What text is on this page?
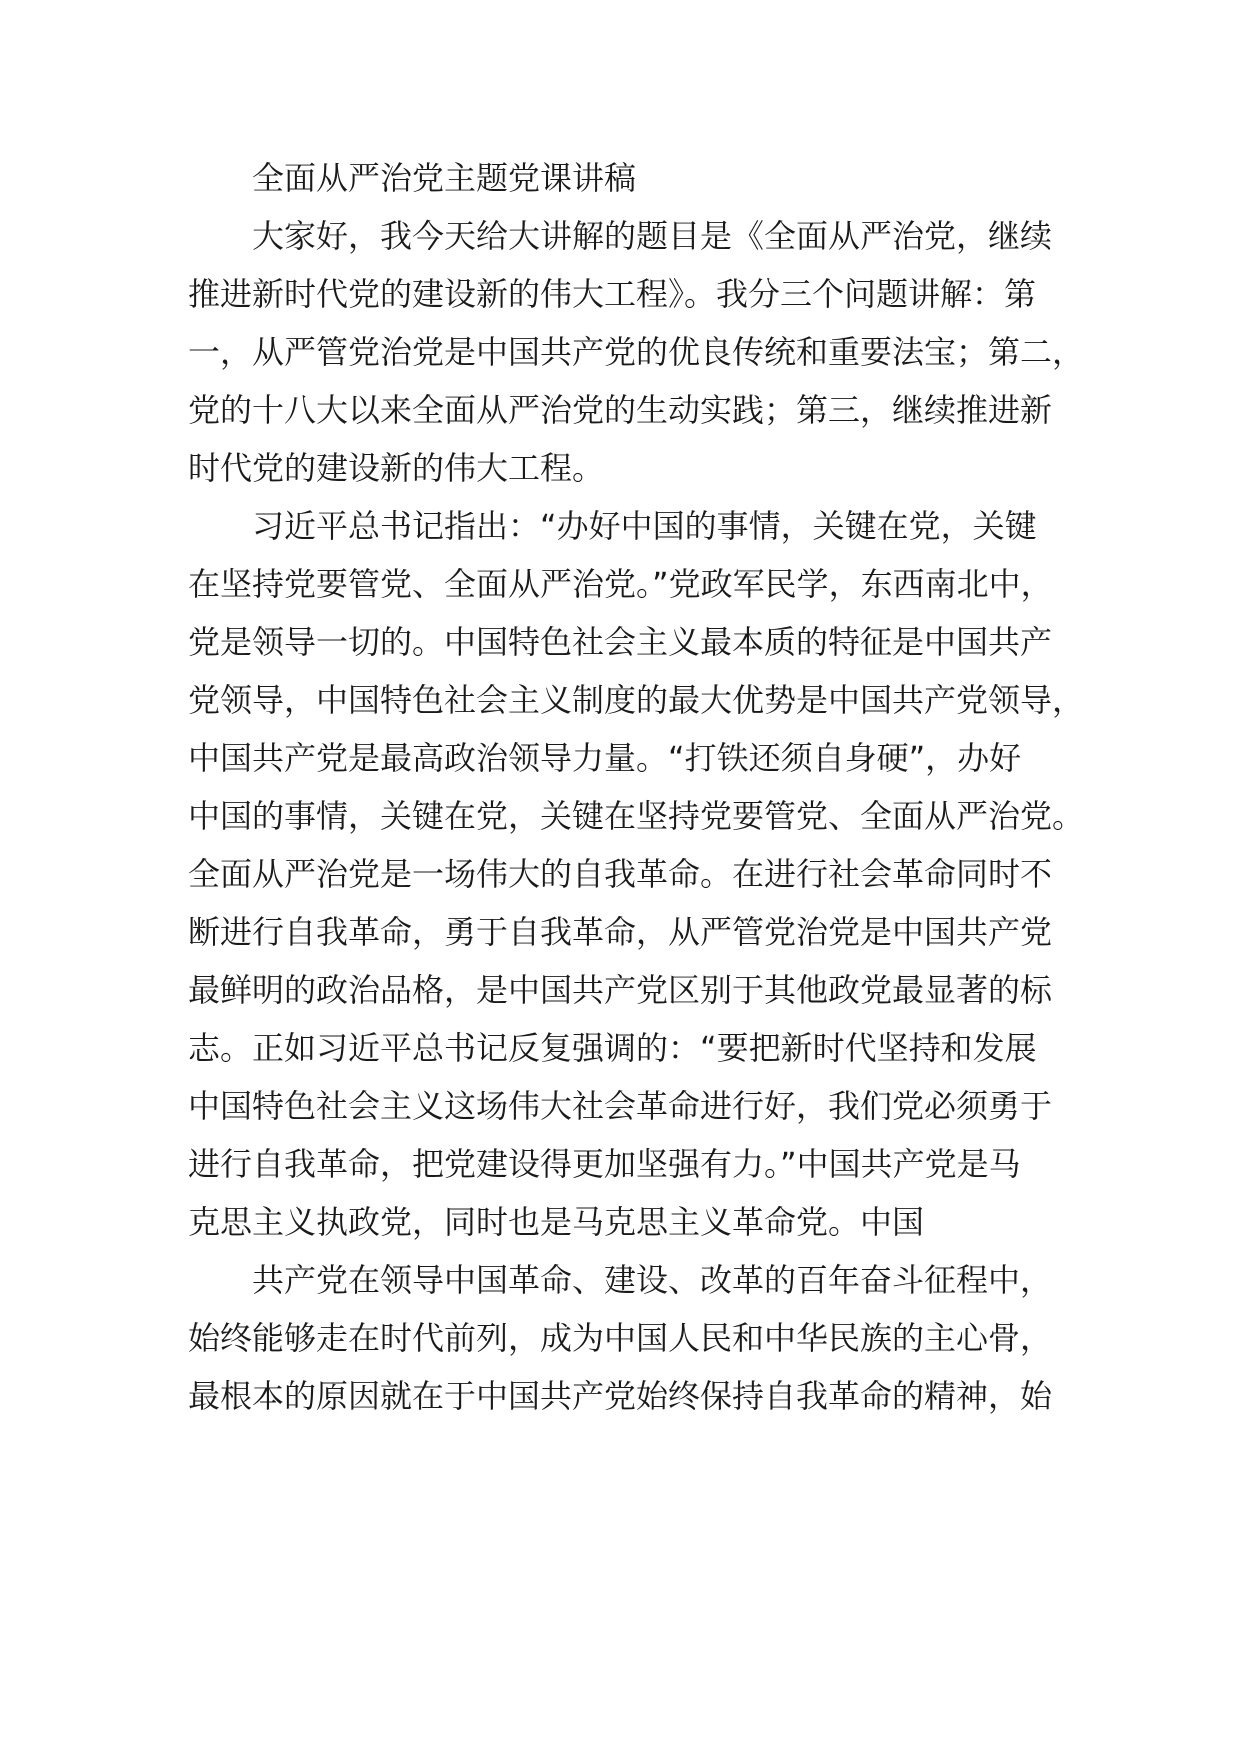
全面从严治党主题党课讲稿
大家好，我今天给大讲解的题目是《全面从严治党，继续
推进新时代党的建设新的伟大工程》。我分三个问题讲解：第
一，从严管党治党是中国共产党的优良传统和重要法宝；第二，
党的十八大以来全面从严治党的生动实践；第三，继续推进新
时代党的建设新的伟大工程。
习近平总书记指出：“办好中国的事情，关键在党，关键
在坚持党要管党、全面从严治党。”党政军民学，东西南北中，
党是领导一切的。中国特色社会主义最本质的特征是中国共产
党领导，中国特色社会主义制度的最大优势是中国共产党领导，
中国共产党是最高政治领导力量。“打铁还须自身硬”，办好
中国的事情，关键在党，关键在坚持党要管党、全面从严治党。
全面从严治党是一场伟大的自我革命。在进行社会革命同时不
断进行自我革命，勇于自我革命，从严管党治党是中国共产党
最鲜明的政治品格，是中国共产党区别于其他政党最显著的标
志。正如习近平总书记反复强调的：“要把新时代坚持和发展
中国特色社会主义这场伟大社会革命进行好，我们党必须勇于
进行自我革命，把党建设得更加坚强有力。”中国共产党是马
克思主义执政党，同时也是马克思主义革命党。中国
共产党在领导中国革命、建设、改革的百年奋斗征程中，
始终能够走在时代前列，成为中国人民和中华民族的主心骨，
最根本的原因就在于中国共产党始终保持自我革命的精神，始
